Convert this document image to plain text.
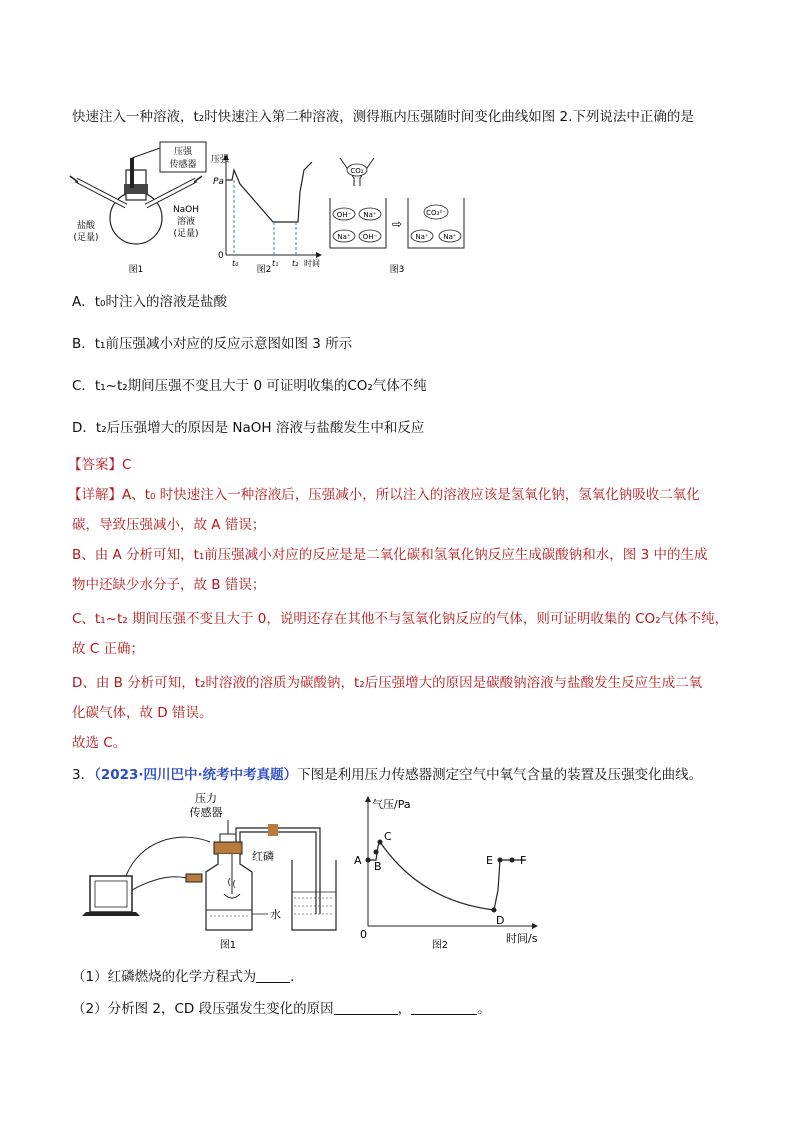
快速注入一种溶液，t₂时快速注入第二种溶液，测得瓶内压强随时间变化曲线如图 2.下列说法中正确的是
压强
传感器
盐酸
(足量)
NaOH
溶液
(足量)
图1
压强
Pa
0
t₀	t₁ t₂ 时间
图2
CO₂
OH⁻ Na⁺
Na⁺ OH⁻
⇨
CO₃²⁻
Na⁺ Na⁺
图3
A．t₀时注入的溶液是盐酸
B．t₁前压强减小对应的反应示意图如图 3 所示
C．t₁~t₂期间压强不变且大于 0 可证明收集的CO₂气体不纯
D．t₂后压强增大的原因是 NaOH 溶液与盐酸发生中和反应
【答案】C
【详解】A、t₀ 时快速注入一种溶液后，压强减小，所以注入的溶液应该是氢氧化钠，氢氧化钠吸收二氧化
碳，导致压强减小，故 A 错误；
B、由 A 分析可知，t₁前压强减小对应的反应是是二氧化碳和氢氧化钠反应生成碳酸钠和水，图 3 中的生成
物中还缺少水分子，故 B 错误；
C、t₁~t₂ 期间压强不变且大于 0，说明还存在其他不与氢氧化钠反应的气体，则可证明收集的 CO₂气体不纯，
故 C 正确；
D、由 B 分析可知，t₂时溶液的溶质为碳酸钠，t₂后压强增大的原因是碳酸钠溶液与盐酸发生反应生成二氧
化碳气体，故 D 错误。
故选 C。
3．（2023·四川巴中·统考中考真题）下图是利用压力传感器测定空气中氧气含量的装置及压强变化曲线。
压力
传感器
红磷
水
图1
气压/Pa
0	时间/s
A B
C
D
E F
图2
（1）红磷燃烧的化学方程式为	．
（2）分析图 2，CD 段压强发生变化的原因	，	。
